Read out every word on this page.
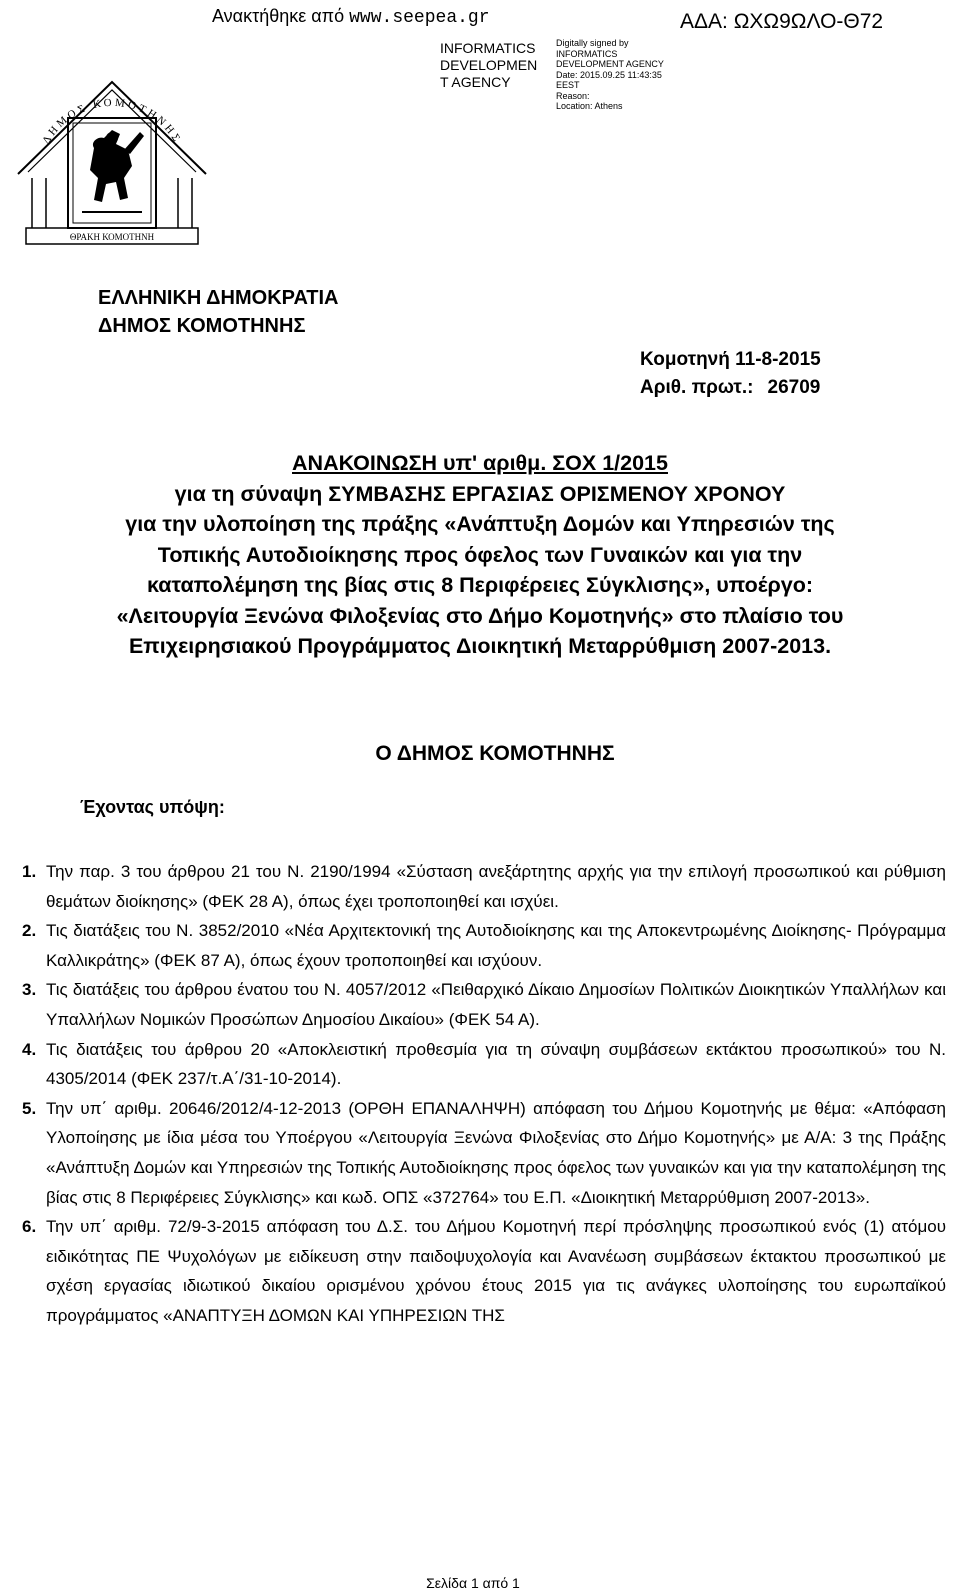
Ανακτήθηκε από www.seepea.gr	ΑΔΑ: ΩΧΩ9ΩΛΟ-Θ72
INFORMATICS
DEVELOPMEN
T AGENCY
Digitally signed by
INFORMATICS
DEVELOPMENT AGENCY
Date: 2015.09.25 11:43:35
EEST
Reason:
Location: Athens
ΔΗΜΟΣ ΚΟΜΟΤΗΝΗΣ
ΘΡΑΚΗ ΚΟΜΟΤΗΝΗ
ΕΛΛΗΝΙΚΗ ΔΗΜΟΚΡΑΤΙΑ
ΔΗΜΟΣ ΚΟΜΟΤΗΝΗΣ
Κομοτηνή 11-8-2015
Αριθ. πρωτ.: 26709
ΑΝΑΚΟΙΝΩΣΗ υπ' αριθμ. ΣΟΧ 1/2015
για τη σύναψη ΣΥΜΒΑΣΗΣ ΕΡΓΑΣΙΑΣ ΟΡΙΣΜΕΝΟΥ ΧΡΟΝΟΥ
για την υλοποίηση της πράξης «Ανάπτυξη Δομών και Υπηρεσιών της
Τοπικής Αυτοδιοίκησης προς όφελος των Γυναικών και για την
καταπολέμηση της βίας στις 8 Περιφέρειες Σύγκλισης», υποέργο:
«Λειτουργία Ξενώνα Φιλοξενίας στο Δήμο Κομοτηνής» στο πλαίσιο του
Επιχειρησιακού Προγράμματος Διοικητική Μεταρρύθμιση 2007-2013.
Ο ΔΗΜΟΣ ΚΟΜΟΤΗΝΗΣ
Έχοντας υπόψη:
1. Την παρ. 3 του άρθρου 21 του Ν. 2190/1994 «Σύσταση ανεξάρτητης αρχής για την επιλογή προσωπικού και ρύθμιση θεμάτων διοίκησης» (ΦΕΚ 28 Α), όπως έχει τροποποιηθεί και ισχύει.
2. Τις διατάξεις του Ν. 3852/2010 «Νέα Αρχιτεκτονική της Αυτοδιοίκησης και της Αποκεντρωμένης Διοίκησης- Πρόγραμμα Καλλικράτης» (ΦΕΚ 87 Α), όπως έχουν τροποποιηθεί και ισχύουν.
3. Τις διατάξεις του άρθρου ένατου του Ν. 4057/2012 «Πειθαρχικό Δίκαιο Δημοσίων Πολιτικών Διοικητικών Υπαλλήλων και Υπαλλήλων Νομικών Προσώπων Δημοσίου Δικαίου» (ΦΕΚ 54 Α).
4. Τις διατάξεις του άρθρου 20 «Αποκλειστική προθεσμία για τη σύναψη συμβάσεων εκτάκτου προσωπικού» του Ν. 4305/2014 (ΦΕΚ 237/τ.Α΄/31-10-2014).
5. Την υπ΄ αριθμ. 20646/2012/4-12-2013 (ΟΡΘΗ ΕΠΑΝΑΛΗΨΗ) απόφαση του Δήμου Κομοτηνής με θέμα: «Απόφαση Υλοποίησης με ίδια μέσα του Υποέργου «Λειτουργία Ξενώνα Φιλοξενίας στο Δήμο Κομοτηνής» με Α/Α: 3 της Πράξης «Ανάπτυξη Δομών και Υπηρεσιών της Τοπικής Αυτοδιοίκησης προς όφελος των γυναικών και για την καταπολέμηση της βίας στις 8 Περιφέρειες Σύγκλισης» και κωδ. ΟΠΣ «372764» του Ε.Π. «Διοικητική Μεταρρύθμιση 2007-2013».
6. Την υπ΄ αριθμ. 72/9-3-2015 απόφαση του Δ.Σ. του Δήμου Κομοτηνή περί πρόσληψης προσωπικού ενός (1) ατόμου ειδικότητας ΠΕ Ψυχολόγων με ειδίκευση στην παιδοψυχολογία και Ανανέωση συμβάσεων έκτακτου προσωπικού με σχέση εργασίας ιδιωτικού δικαίου ορισμένου χρόνου έτους 2015 για τις ανάγκες υλοποίησης του ευρωπαϊκού προγράμματος «ΑΝΑΠΤΥΞΗ ΔΟΜΩΝ ΚΑΙ ΥΠΗΡΕΣΙΩΝ ΤΗΣ
Σελίδα 1 από 1
